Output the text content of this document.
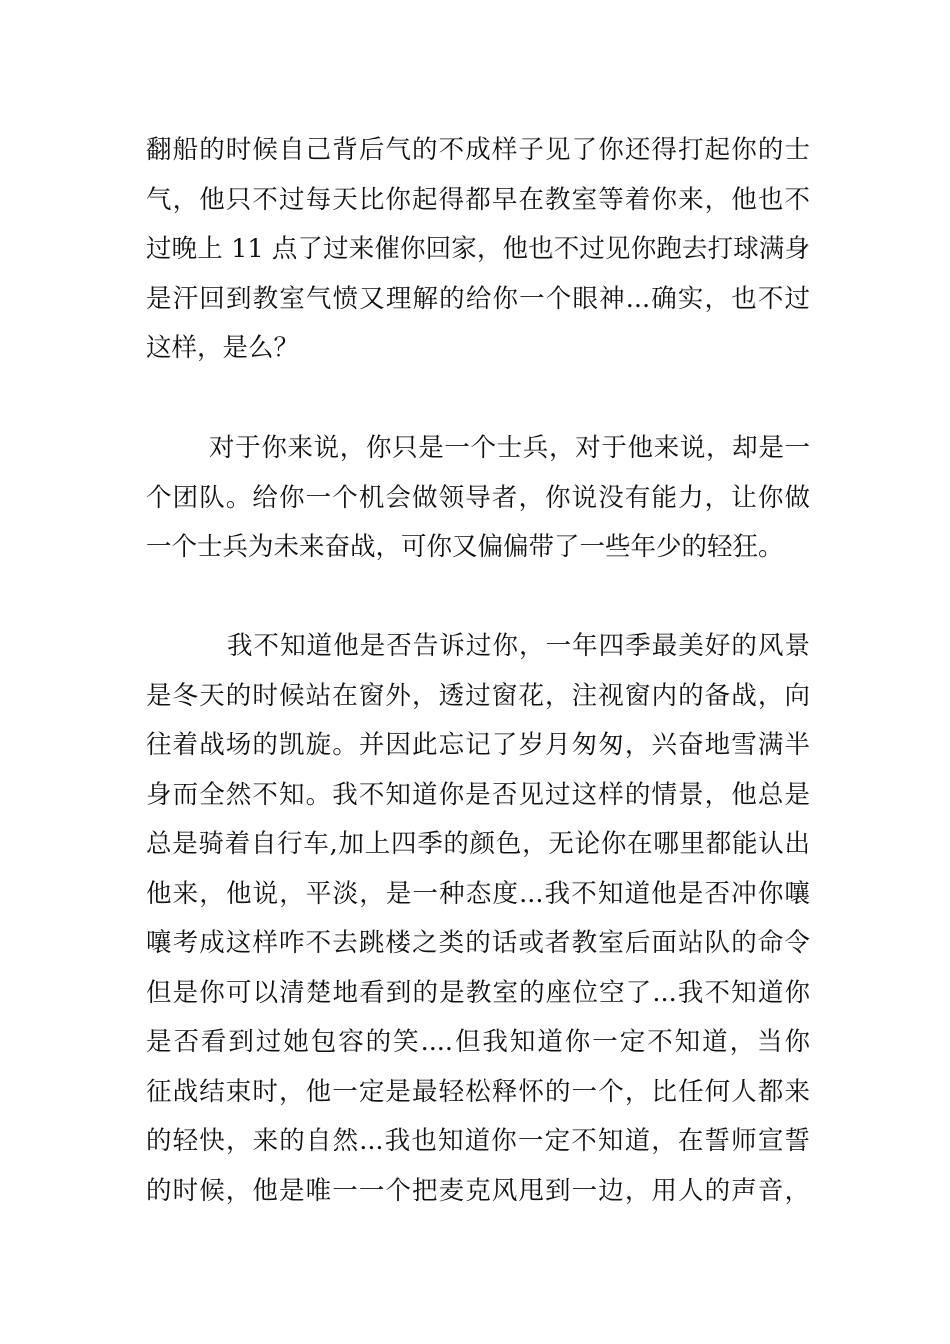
翻船的时候自己背后气的不成样子见了你还得打起你的士
气，他只不过每天比你起得都早在教室等着你来，他也不
过晚上 11 点了过来催你回家，他也不过见你跑去打球满身
是汗回到教室气愤又理解的给你一个眼神...确实，也不过
这样，是么？
对于你来说，你只是一个士兵，对于他来说，却是一
个团队。给你一个机会做领导者，你说没有能力，让你做
一个士兵为未来奋战，可你又偏偏带了一些年少的轻狂。
我不知道他是否告诉过你，一年四季最美好的风景
是冬天的时候站在窗外，透过窗花，注视窗内的备战，向
往着战场的凯旋。并因此忘记了岁月匆匆，兴奋地雪满半
身而全然不知。我不知道你是否见过这样的情景，他总是
总是骑着自行车,加上四季的颜色，无论你在哪里都能认出
他来，他说，平淡，是一种态度...我不知道他是否冲你嚷
嚷考成这样咋不去跳楼之类的话或者教室后面站队的命令
但是你可以清楚地看到的是教室的座位空了...我不知道你
是否看到过她包容的笑....但我知道你一定不知道，当你
征战结束时，他一定是最轻松释怀的一个，比任何人都来
的轻快，来的自然...我也知道你一定不知道，在誓师宣誓
的时候，他是唯一一个把麦克风甩到一边，用人的声音，
